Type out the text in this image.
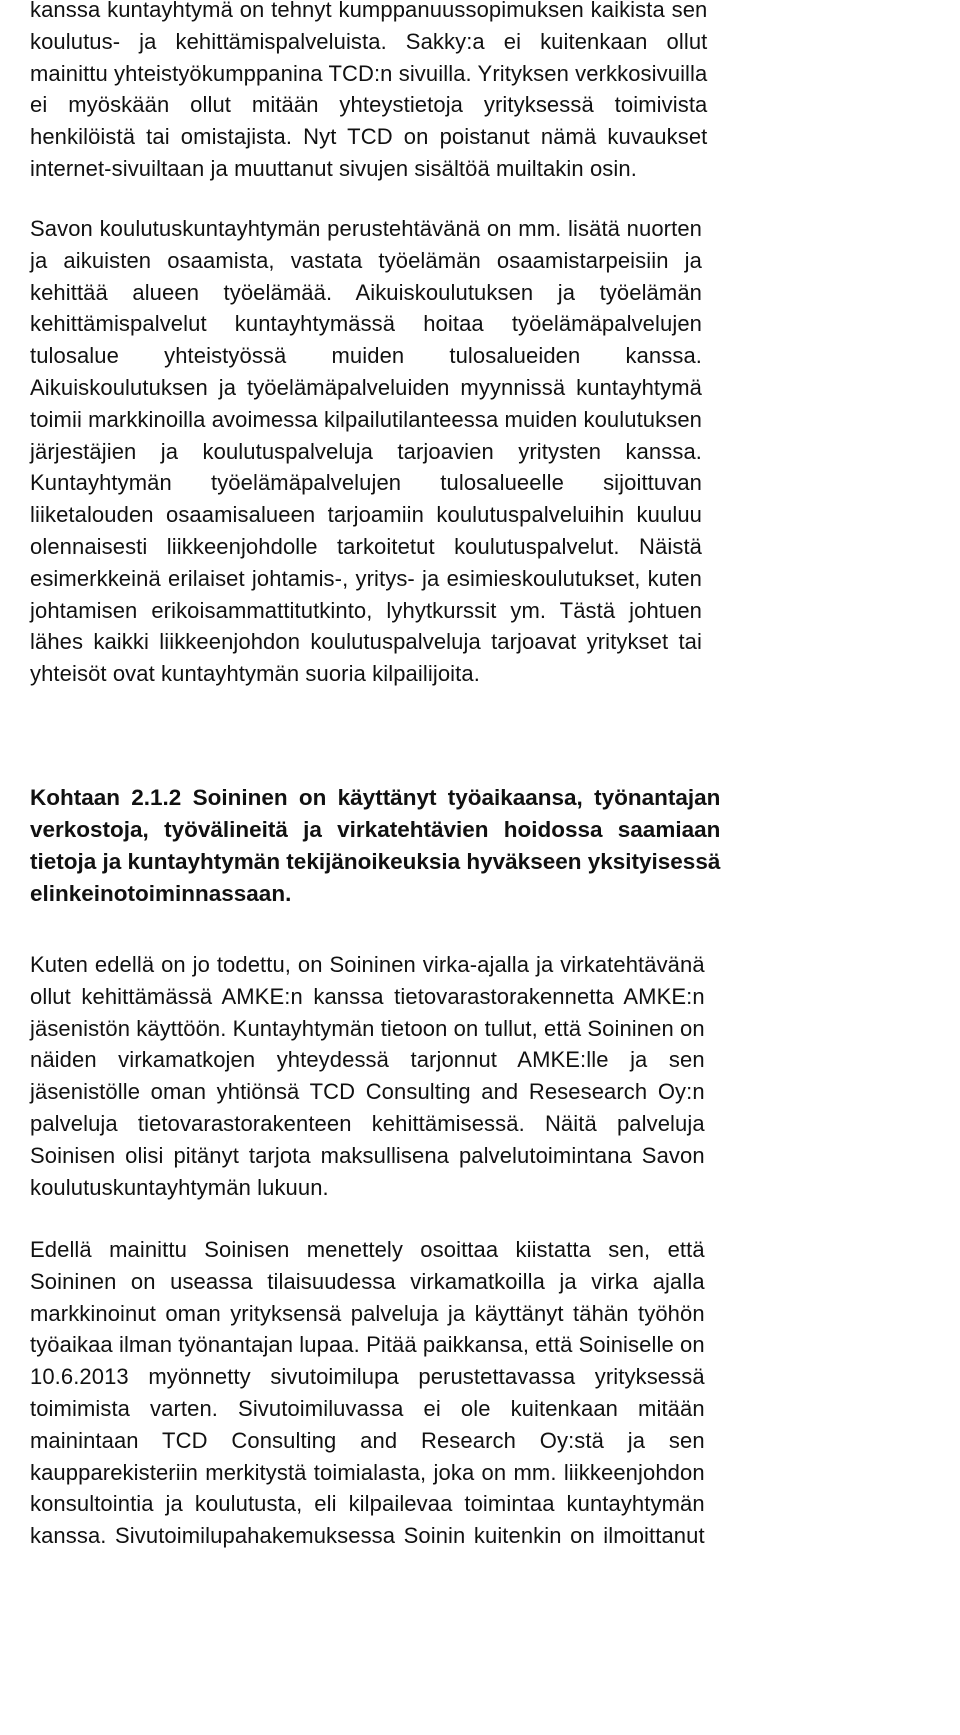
kanssa kuntayhtymä on tehnyt kumppanuussopimuksen kaikista sen
koulutus- ja kehittämispalveluista. Sakky:a ei kuitenkaan ollut
mainittu yhteistyökumppanina TCD:n sivuilla. Yrityksen verkkosivuilla
ei myöskään ollut mitään yhteystietoja yrityksessä toimivista
henkilöistä tai omistajista. Nyt TCD on poistanut nämä kuvaukset
internet-sivuiltaan ja muuttanut sivujen sisältöä muiltakin osin.
Savon koulutuskuntayhtymän perustehtävänä on mm. lisätä nuorten
ja aikuisten osaamista, vastata työelämän osaamistarpeisiin ja
kehittää alueen työelämää. Aikuiskoulutuksen ja työelämän
kehittämispalvelut kuntayhtymässä hoitaa työelämäpalvelujen
tulosalue yhteistyössä muiden tulosalueiden kanssa.
Aikuiskoulutuksen ja työelämäpalveluiden myynnissä kuntayhtymä
toimii markkinoilla avoimessa kilpailutilanteessa muiden koulutuksen
järjestäjien ja koulutuspalveluja tarjoavien yritysten kanssa.
Kuntayhtymän työelämäpalvelujen tulosalueelle sijoittuvan
liiketalouden osaamisalueen tarjoamiin koulutuspalveluihin kuuluu
olennaisesti liikkeenjohdolle tarkoitetut koulutuspalvelut. Näistä
esimerkkeinä erilaiset johtamis-, yritys- ja esimieskoulutukset, kuten
johtamisen erikoisammattitutkinto, lyhytkurssit ym. Tästä johtuen
lähes kaikki liikkeenjohdon koulutuspalveluja tarjoavat yritykset tai
yhteisöt ovat kuntayhtymän suoria kilpailijoita.
Kohtaan 2.1.2 Soininen on käyttänyt työaikaansa, työnantajan
verkostoja, työvälineitä ja virkatehtävien hoidossa saamiaan
tietoja ja kuntayhtymän tekijänoikeuksia hyväkseen yksityisessä
elinkeinotoiminnassaan.
Kuten edellä on jo todettu, on Soininen virka-ajalla ja virkatehtävänä
ollut kehittämässä AMKE:n kanssa tietovarastorakennetta AMKE:n
jäsenistön käyttöön. Kuntayhtymän tietoon on tullut, että Soininen on
näiden virkamatkojen yhteydessä tarjonnut AMKE:lle ja sen
jäsenistölle oman yhtiönsä TCD Consulting and Resesearch Oy:n
palveluja tietovarastorakenteen kehittämisessä. Näitä palveluja
Soinisen olisi pitänyt tarjota maksullisena palvelutoimintana Savon
koulutuskuntayhtymän lukuun.
Edellä mainittu Soinisen menettely osoittaa kiistatta sen, että
Soininen on useassa tilaisuudessa virkamatkoilla ja virka ajalla
markkinoinut oman yrityksensä palveluja ja käyttänyt tähän työhön
työaikaa ilman työnantajan lupaa. Pitää paikkansa, että Soiniselle on
10.6.2013 myönnetty sivutoimilupa perustettavassa yrityksessä
toimimista varten. Sivutoimiluvassa ei ole kuitenkaan mitään
mainintaan TCD Consulting and Research Oy:stä ja sen
kaupparekisteriin merkitystä toimialasta, joka on mm. liikkeenjohdon
konsultointia ja koulutusta, eli kilpailevaa toimintaa kuntayhtymän
kanssa. Sivutoimilupahakemuksessa Soinin kuitenkin on ilmoittanut
